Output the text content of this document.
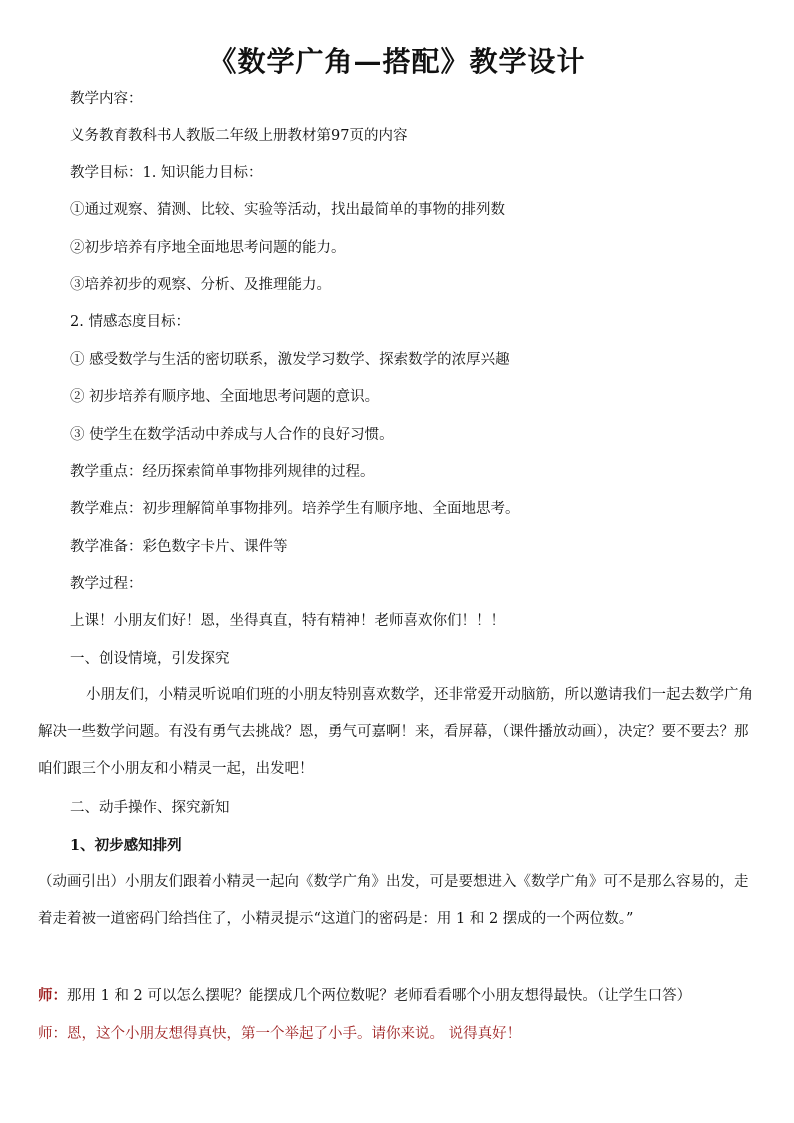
《数学广角—搭配》教学设计
教学内容：
义务教育教科书人教版二年级上册教材第97页的内容
教学目标：1. 知识能力目标：
①通过观察、猜测、比较、实验等活动，找出最简单的事物的排列数
②初步培养有序地全面地思考问题的能力。
③培养初步的观察、分析、及推理能力。
2. 情感态度目标：
① 感受数学与生活的密切联系，激发学习数学、探索数学的浓厚兴趣
② 初步培养有顺序地、全面地思考问题的意识。
③ 使学生在数学活动中养成与人合作的良好习惯。
教学重点：经历探索简单事物排列规律的过程。
教学难点：初步理解简单事物排列。培养学生有顺序地、全面地思考。
教学准备：彩色数字卡片、课件等
教学过程：
上课！小朋友们好！恩，坐得真直，特有精神！老师喜欢你们！！！
一、创设情境，引发探究
小朋友们，小精灵听说咱们班的小朋友特别喜欢数学，还非常爱开动脑筋，所以邀请我们一起去数学广角解决一些数学问题。有没有勇气去挑战？恩，勇气可嘉啊！来，看屏幕，（课件播放动画），决定？要不要去？那咱们跟三个小朋友和小精灵一起，出发吧！
二、动手操作、探究新知
1、初步感知排列
（动画引出）小朋友们跟着小精灵一起向《数学广角》出发，可是要想进入《数学广角》可不是那么容易的，走着走着被一道密码门给挡住了，小精灵提示“这道门的密码是：用 1 和 2 摆成的一个两位数。”
师：那用 1 和 2 可以怎么摆呢？能摆成几个两位数呢？老师看看哪个小朋友想得最快。（让学生口答）
师：恩，这个小朋友想得真快，第一个举起了小手。请你来说。 说得真好！
